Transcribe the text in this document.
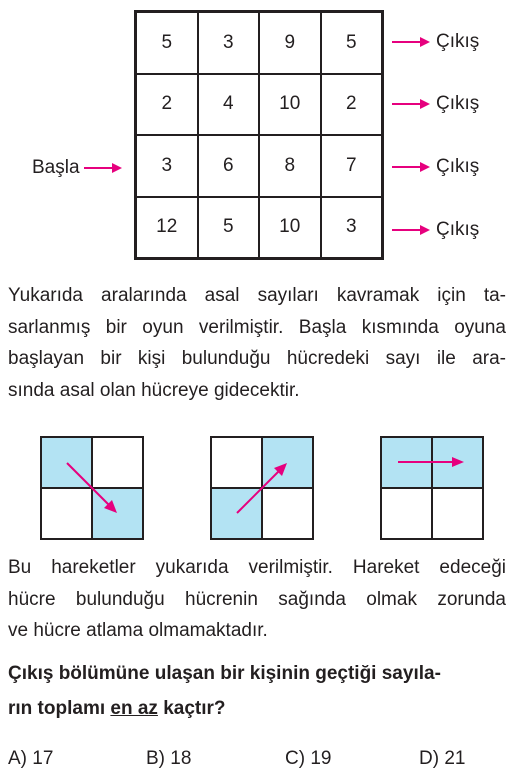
5	3	9	5
2	4	10	2
3	6	8	7
12	5	10	3
Başla
Çıkış
Çıkış
Çıkış
Çıkış

Yukarıda aralarında asal sayıları kavramak için ta-
sarlanmış bir oyun verilmiştir. Başla kısmında oyuna
başlayan bir kişi bulunduğu hücredeki sayı ile ara-
sında asal olan hücreye gidecektir.

Bu hareketler yukarıda verilmiştir. Hareket edeceği
hücre bulunduğu hücrenin sağında olmak zorunda
ve hücre atlama olmamaktadır.

Çıkış bölümüne ulaşan bir kişinin geçtiği sayıla-
rın toplamı en az kaçtır?
A) 17	B) 18	C) 19	D) 21
